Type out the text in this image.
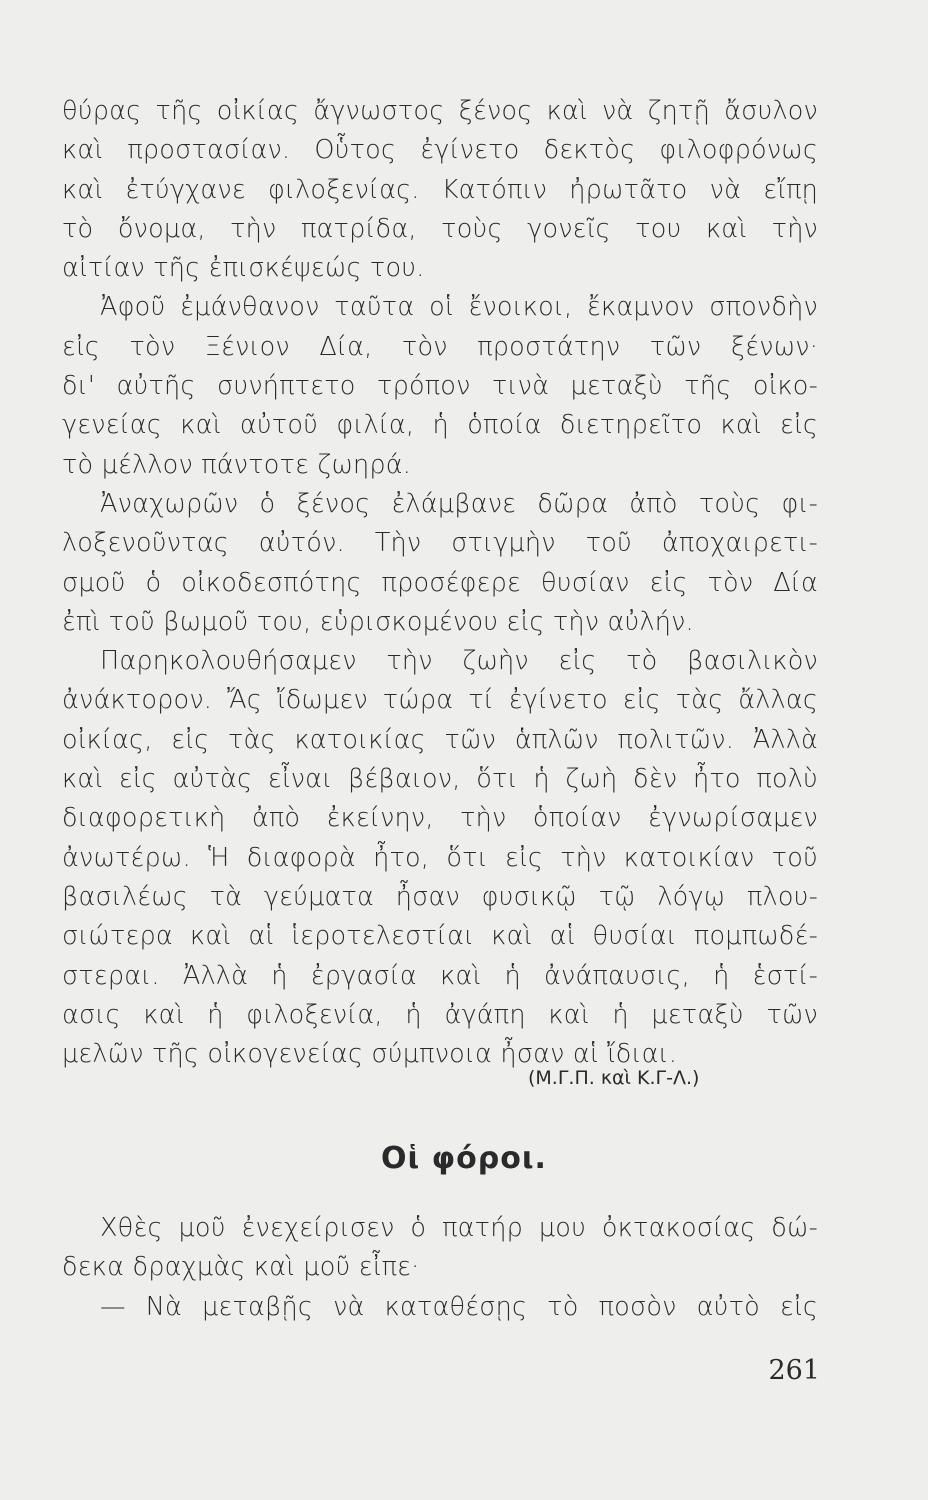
θύρας τῆς οἰκίας ἄγνωστος ξένος καὶ νὰ ζητῇ ἄσυλον
καὶ προστασίαν. Οὗτος ἐγίνετο δεκτὸς φιλοφρόνως
καὶ ἐτύγχανε φιλοξενίας. Κατόπιν ἠρωτᾶτο νὰ εἴπῃ
τὸ ὄνομα, τὴν πατρίδα, τοὺς γονεῖς του καὶ τὴν
αἰτίαν τῆς ἐπισκέψεώς του.
Ἀφοῦ ἐμάνθανον ταῦτα οἱ ἔνοικοι, ἔκαμνον σπονδὴν
εἰς τὸν Ξένιον Δία, τὸν προστάτην τῶν ξένων·
δι' αὐτῆς συνήπτετο τρόπον τινὰ μεταξὺ τῆς οἰκο-
γενείας καὶ αὐτοῦ φιλία, ἡ ὁποία διετηρεῖτο καὶ εἰς
τὸ μέλλον πάντοτε ζωηρά.
Ἀναχωρῶν ὁ ξένος ἐλάμβανε δῶρα ἀπὸ τοὺς φι-
λοξενοῦντας αὐτόν. Τὴν στιγμὴν τοῦ ἀποχαιρετι-
σμοῦ ὁ οἰκοδεσπότης προσέφερε θυσίαν εἰς τὸν Δία
ἐπὶ τοῦ βωμοῦ του, εὑρισκομένου εἰς τὴν αὐλήν.
Παρηκολουθήσαμεν τὴν ζωὴν εἰς τὸ βασιλικὸν
ἀνάκτορον. Ἄς ἴδωμεν τώρα τί ἐγίνετο εἰς τὰς ἄλλας
οἰκίας, εἰς τὰς κατοικίας τῶν ἁπλῶν πολιτῶν. Ἀλλὰ
καὶ εἰς αὐτὰς εἶναι βέβαιον, ὅτι ἡ ζωὴ δὲν ἦτο πολὺ
διαφορετικὴ ἀπὸ ἐκείνην, τὴν ὁποίαν ἐγνωρίσαμεν
ἀνωτέρω. Ἡ διαφορὰ ἦτο, ὅτι εἰς τὴν κατοικίαν τοῦ
βασιλέως τὰ γεύματα ἦσαν φυσικῷ τῷ λόγῳ πλου-
σιώτερα καὶ αἱ ἱεροτελεστίαι καὶ αἱ θυσίαι πομπωδέ-
στεραι. Ἀλλὰ ἡ ἐργασία καὶ ἡ ἀνάπαυσις, ἡ ἑστί-
ασις καὶ ἡ φιλοξενία, ἡ ἀγάπη καὶ ἡ μεταξὺ τῶν
μελῶν τῆς οἰκογενείας σύμπνοια ἦσαν αἱ ἴδιαι.
(Μ.Γ.Π. καὶ Κ.Γ-Λ.)
Οἱ φόροι.
Χθὲς μοῦ ἐνεχείρισεν ὁ πατήρ μου ὀκτακοσίας δώ-
δεκα δραχμὰς καὶ μοῦ εἶπε·
— Νὰ μεταβῇς νὰ καταθέσῃς τὸ ποσὸν αὐτὸ εἰς
261
